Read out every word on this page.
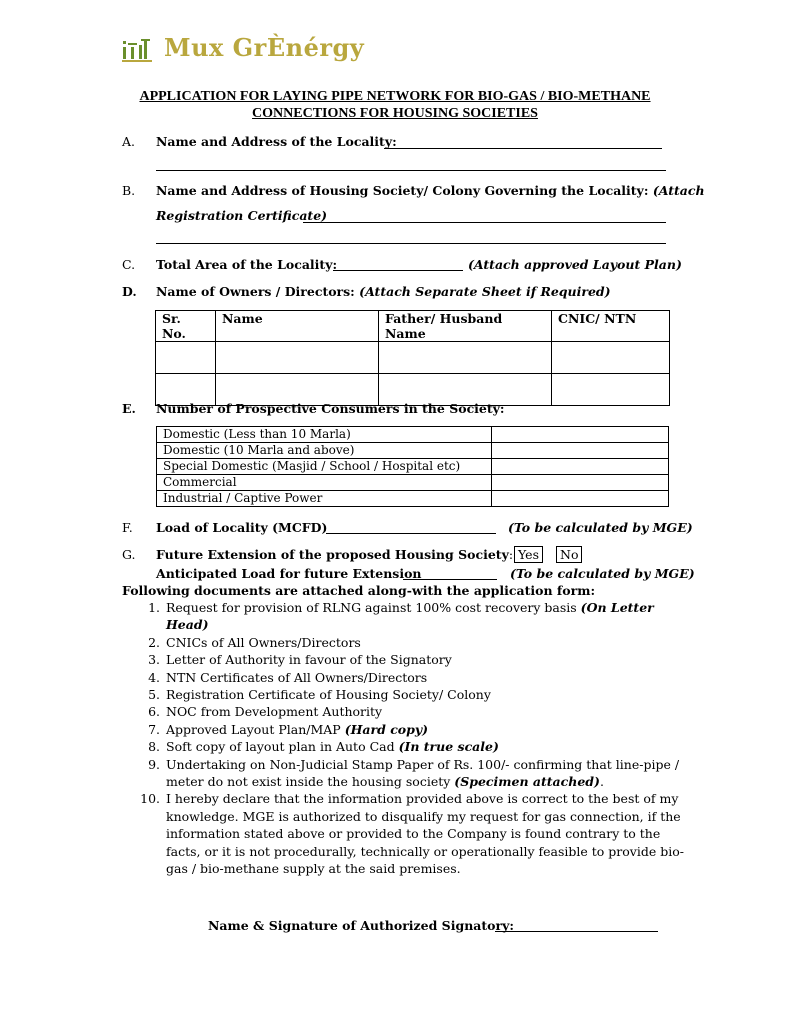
Mux GrÈnérgy
APPLICATION FOR LAYING PIPE NETWORK FOR BIO-GAS / BIO-METHANE
CONNECTIONS FOR HOUSING SOCIETIES
A. Name and Address of the Locality:
B. Name and Address of Housing Society/ Colony Governing the Locality: (Attach
Registration Certificate)
C. Total Area of the Locality:	(Attach approved Layout Plan)
D. Name of Owners / Directors: (Attach Separate Sheet if Required)
Sr. No.	Name	Father/ Husband Name	CNIC/ NTN

E. Number of Prospective Consumers in the Society:
Domestic (Less than 10 Marla)	
Domestic (10 Marla and above)	
Special Domestic (Masjid / School / Hospital etc)	
Commercial	
Industrial / Captive Power	
F. Load of Locality (MCFD)	(To be calculated by MGE)
G. Future Extension of the proposed Housing Society: Yes	No
Anticipated Load for future Extension	(To be calculated by MGE)
Following documents are attached along-with the application form:
1. Request for provision of RLNG against 100% cost recovery basis (On Letter Head)
2. CNICs of All Owners/Directors
3. Letter of Authority in favour of the Signatory
4. NTN Certificates of All Owners/Directors
5. Registration Certificate of Housing Society/ Colony
6. NOC from Development Authority
7. Approved Layout Plan/MAP (Hard copy)
8. Soft copy of layout plan in Auto Cad (In true scale)
9. Undertaking on Non-Judicial Stamp Paper of Rs. 100/- confirming that line-pipe / meter do not exist inside the housing society (Specimen attached).
10. I hereby declare that the information provided above is correct to the best of my knowledge. MGE is authorized to disqualify my request for gas connection, if the information stated above or provided to the Company is found contrary to the facts, or it is not procedurally, technically or operationally feasible to provide bio-gas / bio-methane supply at the said premises.
Name & Signature of Authorized Signatory:
